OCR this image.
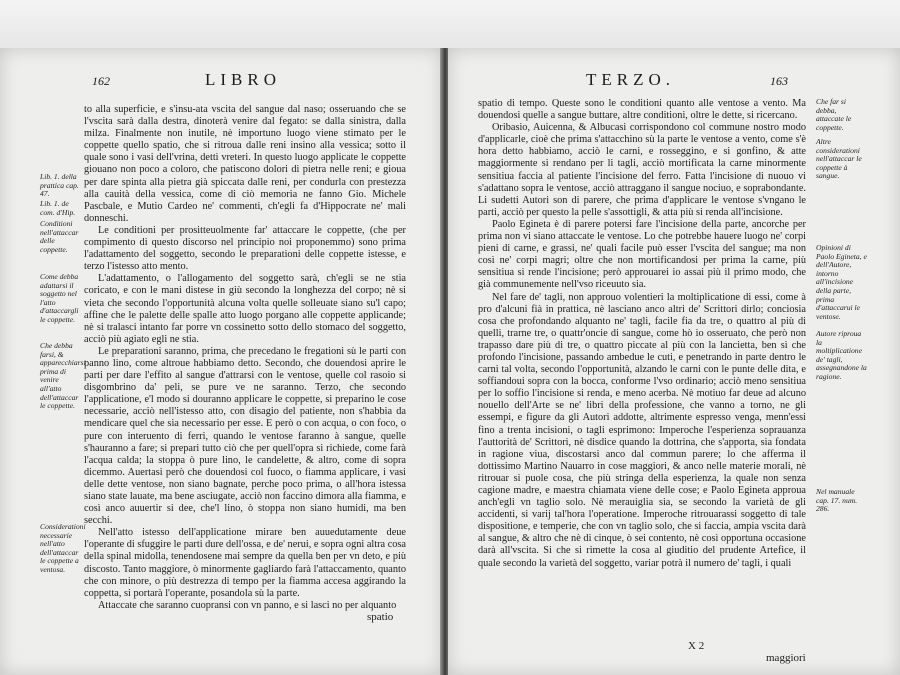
162	LIBRO

to alla superficie, e s'insu-ata vscita del sangue dal naso; osseruando che se l'vscita sarà dalla destra, dinoterà venire dal fegato: se dalla sinistra, dalla milza. Finalmente non inutile, nè importuno luogo viene stimato per le coppette quello spatio, che si ritroua dalle reni insino alla vessica; sotto il quale sono i vasi dell'vrina, detti vreteri. In questo luogo applicate le coppette giouano non poco a coloro, che patiscono dolori di pietra nelle reni; e gioua per dare spinta alla pietra già spiccata dalle reni, per condurla con prestezza alla cauità della vessica, come di ciò memoria ne fanno Gio. Michele Pascbale, e Mutio Cardeo ne' commenti, ch'egli fa d'Hippocrate ne' mali donneschi.

Le conditioni per prositteuolmente far' attaccare le coppette, (che per compimento di questo discorso nel principio noi proponemmo) sono prima l'adattamento del soggetto, secondo le preparationi delle coppette istesse, e terzo l'istesso atto mento.

L'adattamento, o l'allogamento del soggetto sarà, ch'egli se ne stia coricato, e con le mani distese in giù secondo la longhezza del corpo; nè si vieta che secondo l'opportunità alcuna volta quelle solleuate siano su'l capo; affine che le palette delle spalle atto luogo porgano alle coppette applicande; nè si tralasci intanto far porre vn cossinetto sotto dello stomaco del soggetto, acciò più agiato egli ne stia.

Le preparationi saranno, prima, che precedano le fregationi sù le parti con panno lino, come altroue habbiamo detto. Secondo, che douendosi aprire le parti per dare l'effito al sangue d'attrarsi con le ventose, quelle col rasoio si disgombrino da' peli, se pure ve ne saranno. Terzo, che secondo l'applicatione, e'l modo si douranno applicare le coppette, si preparino le cose necessarie, acciò nell'istesso atto, con disagio del patiente, non s'habbia da mendicare quel che sia necessario per esse. E però o con acqua, o con foco, o pure con interuento di ferri, quando le ventose faranno à sangue, quelle s'hauranno a fare; si prepari tutto ciò che per quell'opra si richiede, come farà l'acqua calda; la stoppa ò pure lino, le candelette, & altro, come di sopra dicemmo. Auertasi però che douendosi col fuoco, o fiamma applicare, i vasi delle dette ventose, non siano bagnate, perche poco prima, o all'hora istessa siano state lauate, ma bene asciugate, acciò non faccino dimora alla fiamma, e così anco auuertir si dee, che'l lino, ò stoppa non siano humidi, ma ben secchi.

Nell'atto istesso dell'applicatione mirare ben auuedutamente deue l'operante di sfuggire le parti dure dell'ossa, e de' nerui, e sopra ogni altra cosa della spinal midolla, tenendosene mai sempre da quella ben per vn deto, e più discosto. Tanto maggiore, ò minormente gagliardo farà l'attaccamento, quanto che con minore, o più destrezza di tempo per la fiamma accesa aggirando la coppetta, si portarà l'operante, posandola sù la parte.

Attaccate che saranno cuopransi con vn panno, e si lasci no per alquanto

spatio
Lib. 1. della prattica cap. 47.
Lib. 1. de com. d'Hip.
Conditioni nell'attaccar delle coppette.
Come debba adattarsi il soggetto nel l'atto d'attaccargli le coppette.
Che debba farsi, & apparecchiarsi prima di venire all'atto dell'attaccar le coppette.
Considerationi necessarie nell'atto dell'attaccar le coppette a ventosa.
TERZO.	163

spatio di tempo. Queste sono le conditioni quanto alle ventose a vento. Ma douendosi quelle a sangue buttare, altre conditioni, oltre le dette, si ricercano.

Oribasio, Auicenna, & Albucasi corrispondono col commune nostro modo d'applicarle, cioè che prima s'attacchino sù la parte le ventose a vento, come s'è hora detto habbiamo, acciò le carni, e rosseggino, e si gonfino, & atte maggiormente si rendano per li tagli, acciò mortificata la carne minormente sensitiua faccia al patiente l'incisione del ferro. Fatta l'incisione di nuouo vi s'adattano sopra le ventose, acciò attraggano il sangue nociuo, e soprabondante. Li sudetti Autori son di parere, che prima d'applicare le ventose s'vngano le parti, acciò per questo la pelle s'assottigli, & atta più si renda all'incisione.

Paolo Egineta è di parere potersi fare l'incisione della parte, ancorche per prima non vi siano attaccate le ventose. Lo che potrebbe hauere luogo ne' corpi pieni di carne, e grassi, ne' quali facile può esser l'vscita del sangue; ma non così ne' corpi magri; oltre che non mortificandosi per prima la carne, più sensitiua si rende l'incisione; però approuarei io assai più il primo modo, che già communemente nell'vso riceuuto sia.

Nel fare de' tagli, non approuo volentieri la moltiplicatione di essi, come à pro d'alcuni fià in prattica, nè lasciano anco altri de' Scrittori dirlo; conciosia cosa che profondando alquanto ne' tagli, facile fia da tre, o quattro al più di quelli, trarne tre, o quattr'oncie di sangue, come hò io osseruato, che però non trapasso dare più di tre, o quattro piccate al più con la lancietta, ben sì che profondo l'incisione, passando ambedue le cuti, e penetrando in parte dentro le carni tal volta, secondo l'opportunità, alzando le carni con le punte delle dita, e soffiandoui sopra con la bocca, conforme l'vso ordinario; acciò meno sensitiua per lo soffio l'incisione si renda, e meno acerba. Nè motiuo far deue ad alcuno nouello dell'Arte se ne' libri della professione, che vanno a torno, ne gli essempi, e figure da gli Autori addotte, altrimente espresso venga, menn'essi fino a trenta incisioni, o tagli esprimono: Imperoche l'esperienza soprauanza l'auttorità de' Scrittori, nè disdice quando la dottrina, che s'apporta, sia fondata in ragione viua, discostarsi anco dal commun parere; lo che afferma il dottissimo Martino Nauarro in cose maggiori, & anco nelle materie morali, nè ritrouar si puole cosa, che più stringa della esperienza, la quale non senza cagione madre, e maestra chiamata viene delle cose; e Paolo Egineta approua anch'egli vn taglio solo. Nè merauiglia sia, se secondo la varietà de gli accidenti, si varij tal'hora l'operatione. Imperoche ritrouarassi soggetto di tale dispositione, e temperie, che con vn taglio solo, che si faccia, ampia vscita darà al sangue, & altro che nè di cinque, ò sei contento, nè così opportuna occasione darà all'vscita. Si che si rimette la cosa al giuditio del prudente Artefice, il quale secondo la varietà del soggetto, variar potrà il numero de' tagli, i quali

X 2
maggiori
Che far si debba, attaccate le coppette.
Altre considerationi nell'attaccar le coppette à sangue.
Opinioni di Paolo Egineta, e dell'Autore, intorno all'incisione della parte, prima d'attaccarui le ventose.
Autore riproua la moltiplicatione de' tagli, assegnandone la ragione.
Nel manuale cap. 17. num. 286.
